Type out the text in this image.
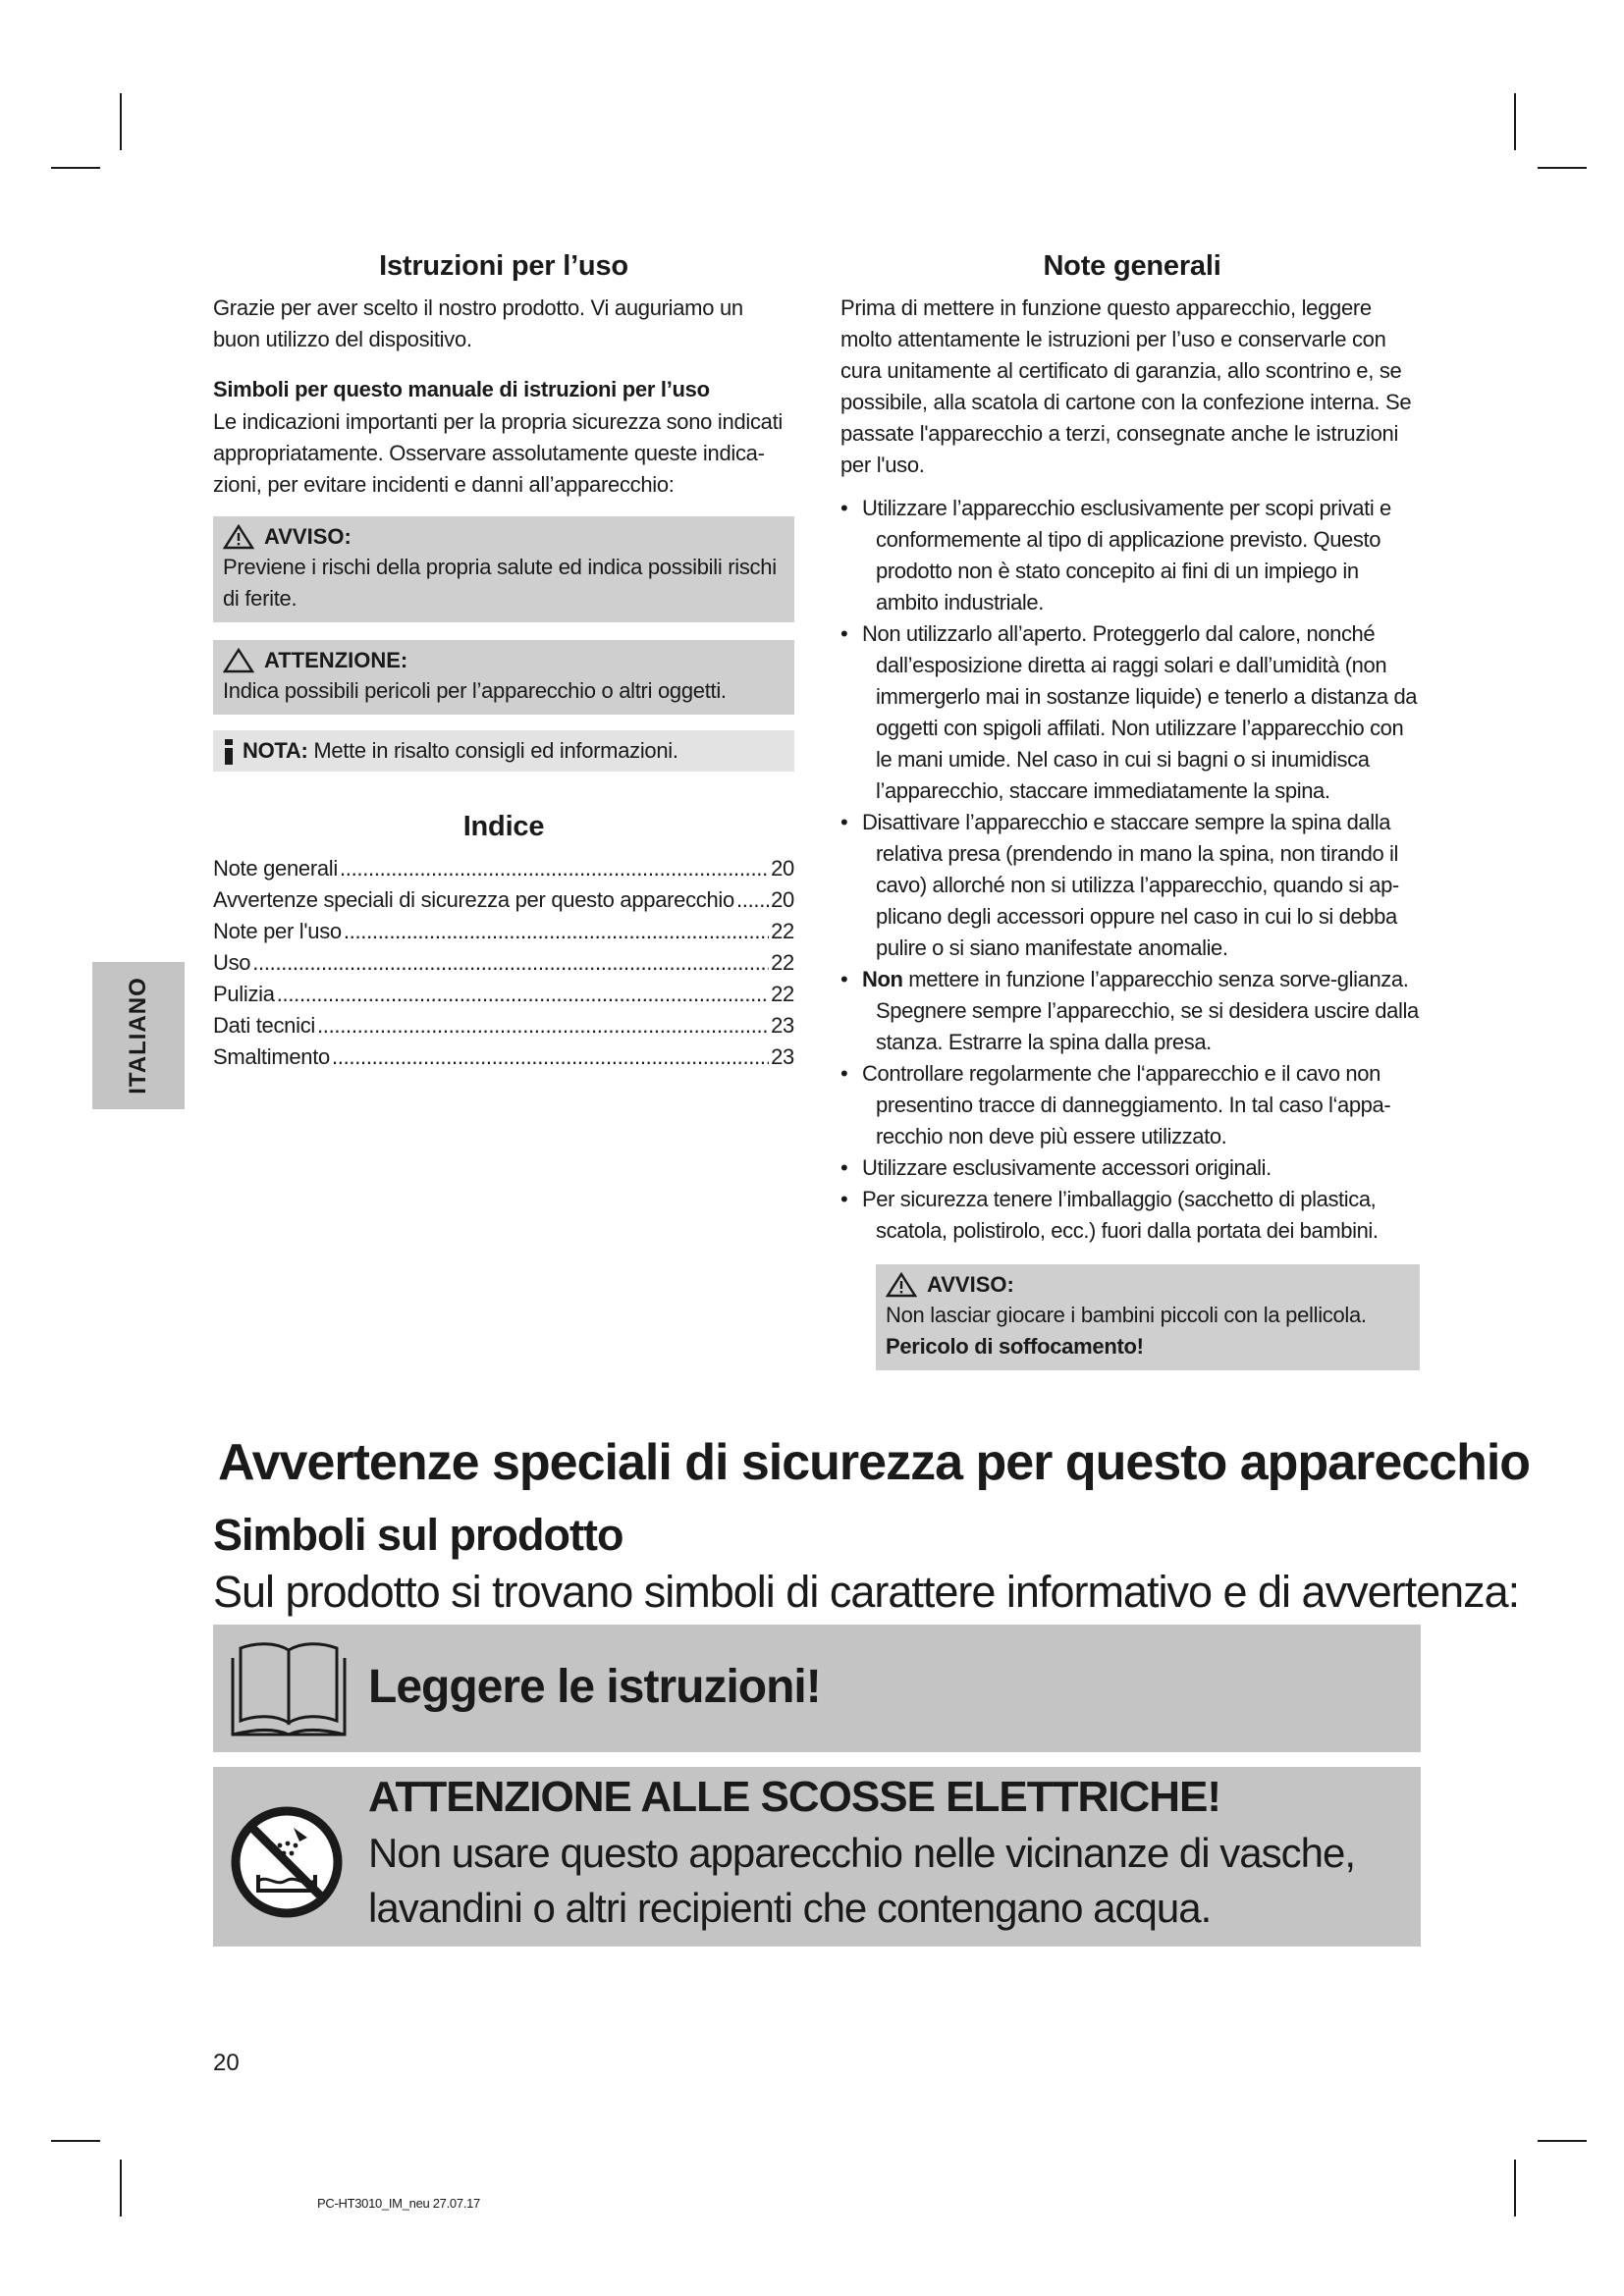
ITALIANO
Istruzioni per l’uso

Grazie per aver scelto il nostro prodotto. Vi auguriamo un buon utilizzo del dispositivo.

Simboli per questo manuale di istruzioni per l’uso

Le indicazioni importanti per la propria sicurezza sono indicati appropriatamente. Osservare assolutamente queste indica-zioni, per evitare incidenti e danni all’apparecchio:

AVVISO:
Previene i rischi della propria salute ed indica possibili rischi di ferite.
ATTENZIONE:
Indica possibili pericoli per l’apparecchio o altri oggetti.
NOTA: Mette in risalto consigli ed informazioni.
Indice
Note generali .....	20
Avvertenze speciali di sicurezza per questo apparecchio ..... 20
Note per l'uso .....	22
Uso .....	22
Pulizia .....	22
Dati tecnici .....	23
Smaltimento .....	23
Note generali

Prima di mettere in funzione questo apparecchio, leggere molto attentamente le istruzioni per l’uso e conservarle con cura unitamente al certificato di garanzia, allo scontrino e, se possibile, alla scatola di cartone con la confezione interna. Se passate l'apparecchio a terzi, consegnate anche le istruzioni per l'uso.

• Utilizzare l’apparecchio esclusivamente per scopi privati e conformemente al tipo di applicazione previsto. Questo prodotto non è stato concepito ai fini di un impiego in ambito industriale.
• Non utilizzarlo all’aperto. Proteggerlo dal calore, nonché dall’esposizione diretta ai raggi solari e dall’umidità (non immergerlo mai in sostanze liquide) e tenerlo a distanza da oggetti con spigoli affilati. Non utilizzare l’apparecchio con le mani umide. Nel caso in cui si bagni o si inumidisca l’apparecchio, staccare immediatamente la spina.
• Disattivare l’apparecchio e staccare sempre la spina dalla relativa presa (prendendo in mano la spina, non tirando il cavo) allorché non si utilizza l’apparecchio, quando si ap-plicano degli accessori oppure nel caso in cui lo si debba pulire o si siano manifestate anomalie.
• Non mettere in funzione l’apparecchio senza sorve-glianza. Spegnere sempre l’apparecchio, se si desidera uscire dalla stanza. Estrarre la spina dalla presa.
• Controllare regolarmente che l‘apparecchio e il cavo non presentino tracce di danneggiamento. In tal caso l‘appa-recchio non deve più essere utilizzato.
• Utilizzare esclusivamente accessori originali.
• Per sicurezza tenere l’imballaggio (sacchetto di plastica, scatola, polistirolo, ecc.) fuori dalla portata dei bambini.
AVVISO:
Non lasciar giocare i bambini piccoli con la pellicola.
Pericolo di soffocamento!
Avvertenze speciali di sicurezza per questo apparecchio
Simboli sul prodotto
Sul prodotto si trovano simboli di carattere informativo e di avvertenza:
Leggere le istruzioni!
ATTENZIONE ALLE SCOSSE ELETTRICHE!
Non usare questo apparecchio nelle vicinanze di vasche, lavandini o altri recipienti che contengano acqua.
20
PC-HT3010_IM_neu 27.07.17
